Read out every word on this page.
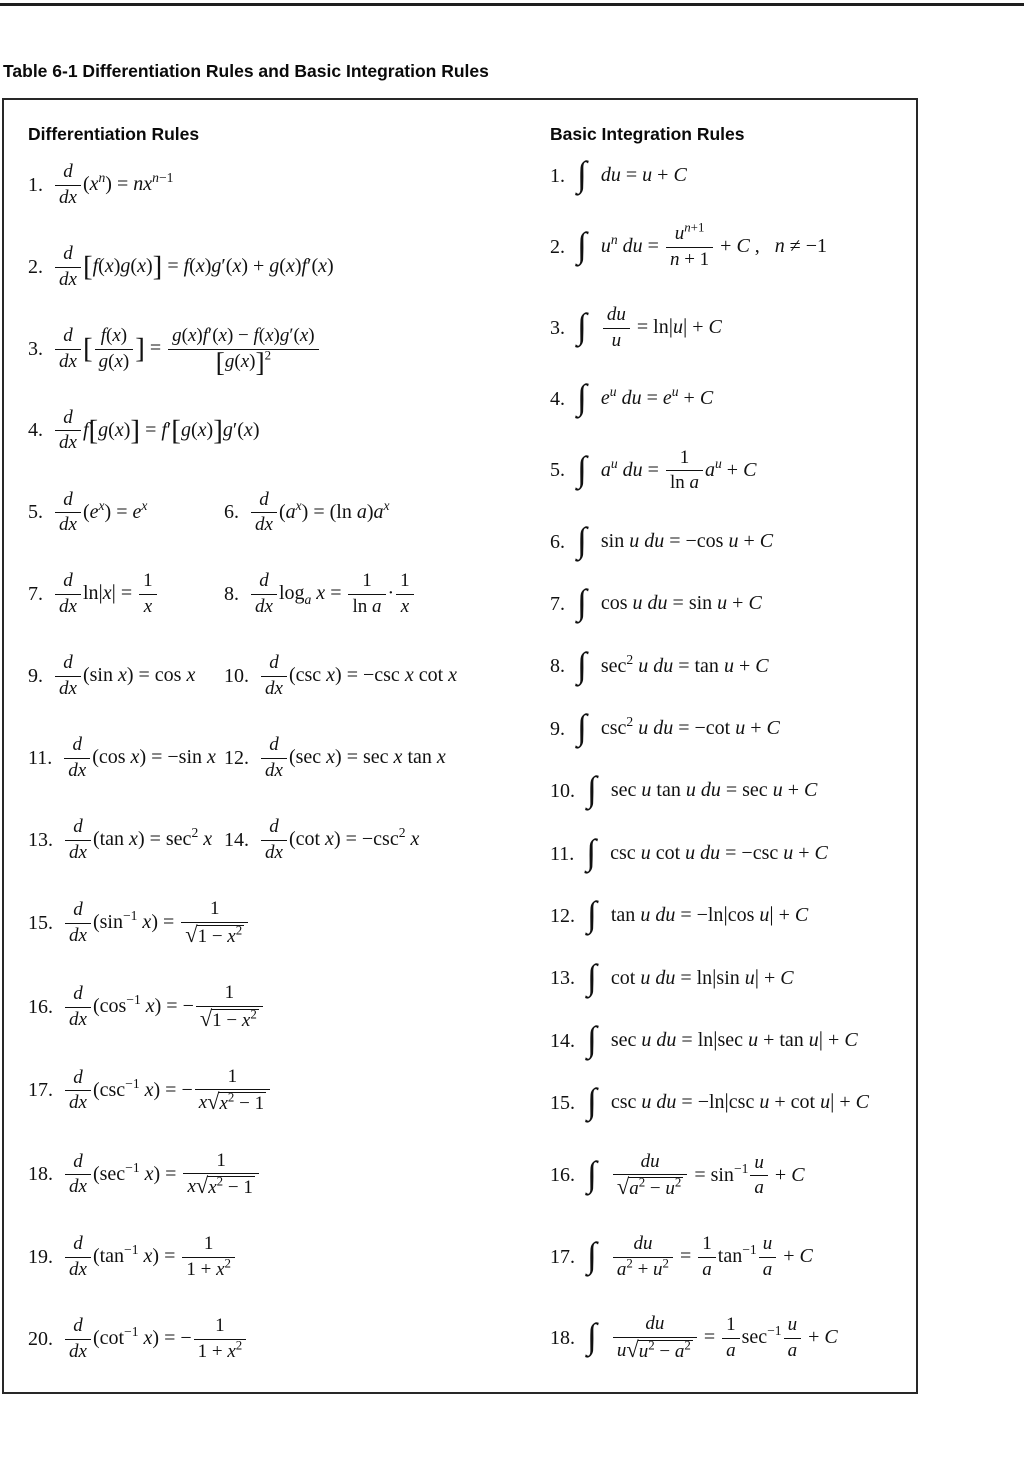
Table 6-1 Differentiation Rules and Basic Integration Rules
Differentiation Rules
1. $\frac{d}{dx} (x^n) = nx^{n-1}$
2. $\frac{d}{dx} [f(x)g(x)] = f(x)g'(x) + g(x)f'(x)$
3. $\frac{d}{dx}$ [ $\frac{f(x)}{g(x)}$ ] = $\frac{g(x)f'(x) - f(x)g'(x)}{[g(x)]^2}$
4. $\frac{d}{dx} f[g(x)] = f'[g(x)]g'(x)$
5. $\frac{d}{dx} (e^x) = e^x$	6. $\frac{d}{dx} (a^x) = (\ln$ $a)a^x$
7. $\frac{d}{dx} \ln|x| = \frac{1}{x}$	8. $\frac{d}{dx} \log_a x = \frac{1}{\text{ln a}} \cdot \frac{1}{x}$
9. $\frac{d}{dx} (\sin$ x) = cos x 10. $\frac{d}{dx} (\csc$ x) = −csc x cot x
11. $\frac{d}{dx} (\cos$ x) = −sin x 12. $\frac{d}{dx} (\sec$ x) = sec x tan x
13. $\frac{d}{dx} (\tan$ $x) = \sec^2 x$ 14. $\frac{d}{dx} (\cot$ $x) = -\csc^2$ x
15. $\frac{d}{dx} (\sin^{-1}$ $x) = \frac{1}{√1 - x^2}$
16. $\frac{d}{dx} (\cos^{-1}$ x) = − $\frac{1}{√1 - x^2}$
17. $\frac{d}{dx} (\csc^{-1}$ x) = − $\frac{1}{x√x^2 - 1}$
18. $\frac{d}{dx} (\sec^{-1}$ $x) = \frac{1}{x√x^2 - 1}$
19. $\frac{d}{dx} (\tan^{-1}$ $x) = \frac{1}{1 + x^2}$
20. $\frac{d}{dx} (\cot^{-1}$ x) = − $\frac{1}{1 + x^2}$
Basic Integration Rules
1. ∫ du = u + C
2. ∫ $u^n$ du = $\frac{u^{n+1}}{n + 1} + C$ ,   n ≠ −1
3. ∫ $\frac{du}{u} = \ln|u| + C$
4. ∫ $e^u$ du = $e^u + C$
5. ∫ $a^u$ du = $\frac{1}{\text{ln a}} a^u + C$
6. ∫ sin u du = −cos u + C
7. ∫ cos u du = sin u + C
8. ∫ $\sec^2 u$ du = tan u + C
9. ∫ $\csc^2 u$ du = −cot u + C
10. ∫ sec u tan u du = sec u + C
11. ∫ csc u cot u du = −csc u + C
12. ∫ tan u du = −ln|cos u| + C
13. ∫ cot u du = ln|sin u| + C
14. ∫ sec u du = ln|sec u + tan u| + C
15. ∫ csc u du = −ln|csc u + cot u| + C
16. ∫ $\frac{du}{√a^2 - u^2} = \sin^{-1} \frac{u}{a} + C$
17. ∫ $\frac{du}{a^2 + u^2} = \frac{1}{a} \tan^{-1} \frac{u}{a} + C$
18. ∫ $\frac{du}{u√u^2 - a^2} = \frac{1}{a} \sec^{-1} \frac{u}{a} + C$
